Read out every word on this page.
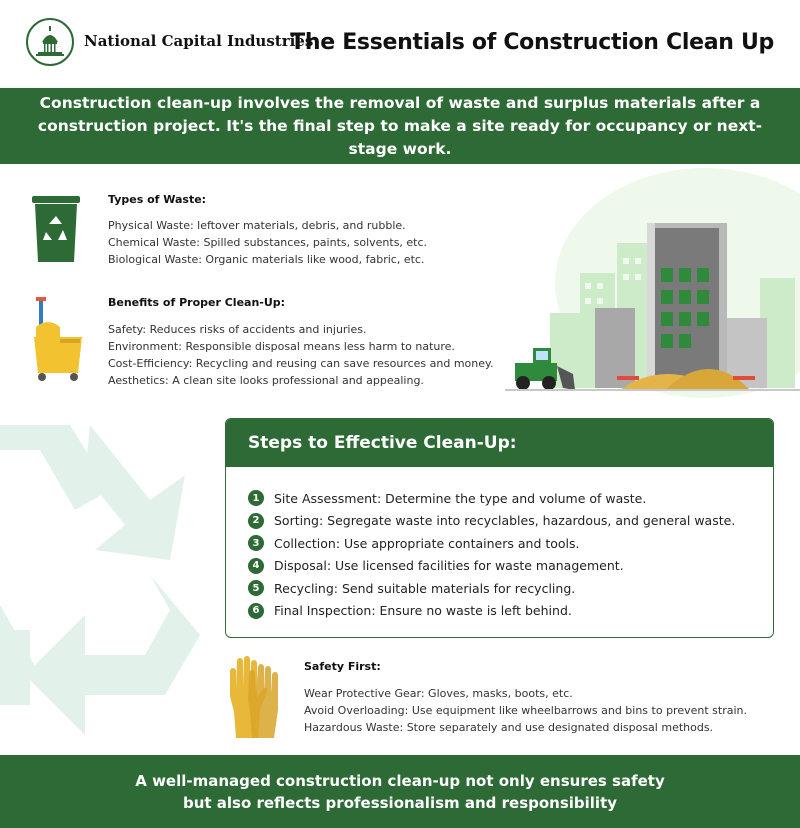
National Capital Industries
The Essentials of Construction Clean Up

Construction clean-up involves the removal of waste and surplus materials after a construction project. It's the final step to make a site ready for occupancy or next-stage work.

Types of Waste:
Physical Waste: leftover materials, debris, and rubble.
Chemical Waste: Spilled substances, paints, solvents, etc.
Biological Waste: Organic materials like wood, fabric, etc.
Benefits of Proper Clean-Up:
Safety: Reduces risks of accidents and injuries.
Environment: Responsible disposal means less harm to nature.
Cost-Efficiency: Recycling and reusing can save resources and money.
Aesthetics: A clean site looks professional and appealing.
Steps to Effective Clean-Up:
1	Site Assessment: Determine the type and volume of waste.
2	Sorting: Segregate waste into recyclables, hazardous, and general waste.
3	Collection: Use appropriate containers and tools.
4	Disposal: Use licensed facilities for waste management.
5	Recycling: Send suitable materials for recycling.
6	Final Inspection: Ensure no waste is left behind.
Safety First:
Wear Protective Gear: Gloves, masks, boots, etc.
Avoid Overloading: Use equipment like wheelbarrows and bins to prevent strain.
Hazardous Waste: Store separately and use designated disposal methods.

A well-managed construction clean-up not only ensures safety
but also reflects professionalism and responsibility
